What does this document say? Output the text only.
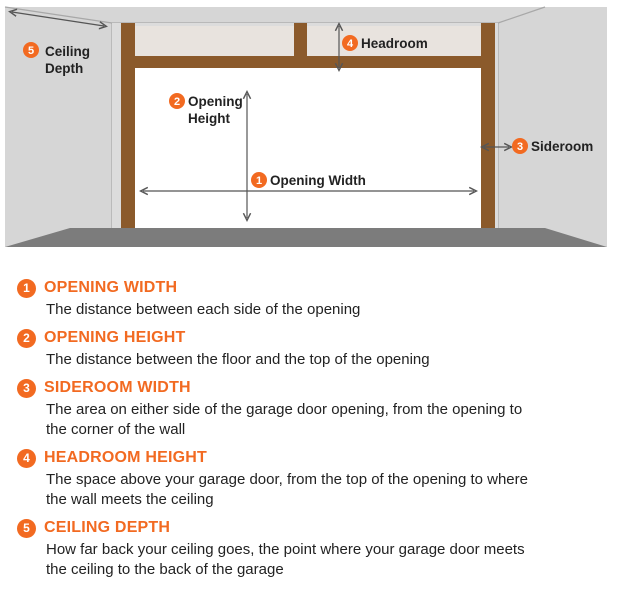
5 Ceiling
Depth
4 Headroom
2 Opening
Height
3 Sideroom
1 Opening Width
1 OPENING WIDTH
The distance between each side of the opening
2 OPENING HEIGHT
The distance between the floor and the top of the opening
3 SIDEROOM WIDTH
The area on either side of the garage door opening, from the opening to
the corner of the wall
4 HEADROOM HEIGHT
The space above your garage door, from the top of the opening to where
the wall meets the ceiling
5 CEILING DEPTH
How far back your ceiling goes, the point where your garage door meets
the ceiling to the back of the garage
